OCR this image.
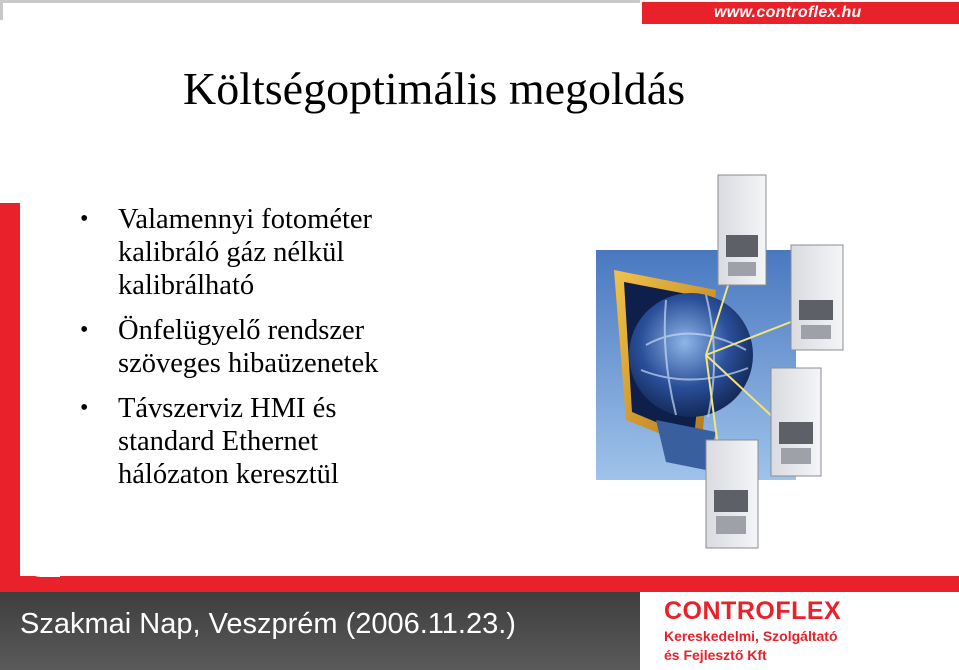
www.controflex.hu
Költségoptimális megoldás
• Valamennyi fotométer
kalibráló gáz nélkül
kalibrálható
• Önfelügyelő rendszer
szöveges hibaüzenetek
• Távszerviz HMI és
standard Ethernet
hálózaton keresztül
Szakmai Nap, Veszprém (2006.11.23.)	CONTROFLEX
Kereskedelmi, Szolgáltató
és Fejlesztő Kft
